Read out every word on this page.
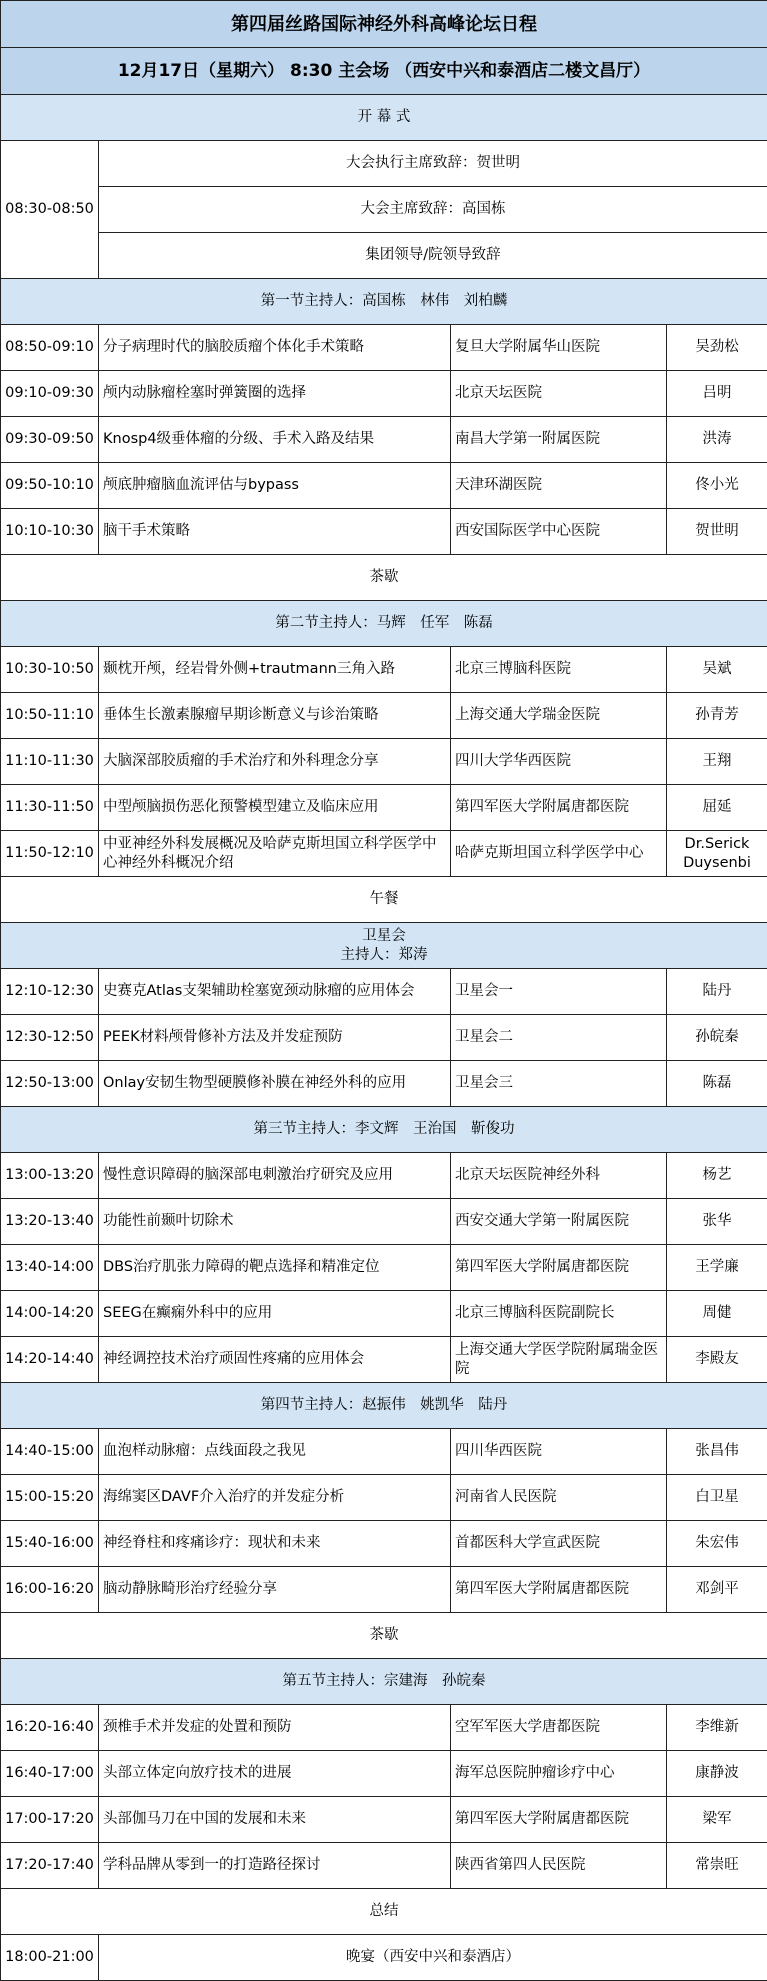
第四届丝路国际神经外科高峰论坛日程			
12月17日（星期六） 8:30 主会场 （西安中兴和泰酒店二楼文昌厅）			
开 幕 式			
08:30-08:50	大会执行主席致辞：贺世明		
	大会主席致辞：高国栋		
	集团领导/院领导致辞		
第一节主持人：高国栋　林伟　刘柏麟			
08:50-09:10	分子病理时代的脑胶质瘤个体化手术策略	复旦大学附属华山医院	吴劲松
09:10-09:30	颅内动脉瘤栓塞时弹簧圈的选择	北京天坛医院	吕明
09:30-09:50	Knosp4级垂体瘤的分级、手术入路及结果	南昌大学第一附属医院	洪涛
09:50-10:10	颅底肿瘤脑血流评估与bypass	天津环湖医院	佟小光
10:10-10:30	脑干手术策略	西安国际医学中心医院	贺世明
茶歇			
第二节主持人：马辉　任军　陈磊			
10:30-10:50	颞枕开颅，经岩骨外侧+trautmann三角入路	北京三博脑科医院	吴斌
10:50-11:10	垂体生长激素腺瘤早期诊断意义与诊治策略	上海交通大学瑞金医院	孙青芳
11:10-11:30	大脑深部胶质瘤的手术治疗和外科理念分享	四川大学华西医院	王翔
11:30-11:50	中型颅脑损伤恶化预警模型建立及临床应用	第四军医大学附属唐都医院	屈延
11:50-12:10	中亚神经外科发展概况及哈萨克斯坦国立科学医学中心神经外科概况介绍	哈萨克斯坦国立科学医学中心	Dr.Serick Duysenbi
午餐			

卫星会
主持人：郑涛			

12:10-12:30	史赛克Atlas支架辅助栓塞宽颈动脉瘤的应用体会	卫星会一	陆丹
12:30-12:50	PEEK材料颅骨修补方法及并发症预防	卫星会二	孙皖秦
12:50-13:00	Onlay安韧生物型硬膜修补膜在神经外科的应用	卫星会三	陈磊
第三节主持人：李文辉　王治国　靳俊功			
13:00-13:20	慢性意识障碍的脑深部电刺激治疗研究及应用	北京天坛医院神经外科	杨艺
13:20-13:40	功能性前颞叶切除术	西安交通大学第一附属医院	张华
13:40-14:00	DBS治疗肌张力障碍的靶点选择和精准定位	第四军医大学附属唐都医院	王学廉
14:00-14:20	SEEG在癫痫外科中的应用	北京三博脑科医院副院长	周健
14:20-14:40	神经调控技术治疗顽固性疼痛的应用体会	上海交通大学医学院附属瑞金医院	李殿友
第四节主持人：赵振伟　姚凯华　陆丹			
14:40-15:00	血泡样动脉瘤：点线面段之我见	四川华西医院	张昌伟
15:00-15:20	海绵窦区DAVF介入治疗的并发症分析	河南省人民医院	白卫星
15:40-16:00	神经脊柱和疼痛诊疗：现状和未来	首都医科大学宣武医院	朱宏伟
16:00-16:20	脑动静脉畸形治疗经验分享	第四军医大学附属唐都医院	邓剑平
茶歇			
第五节主持人：宗建海　孙皖秦			
16:20-16:40	颈椎手术并发症的处置和预防	空军军医大学唐都医院	李维新
16:40-17:00	头部立体定向放疗技术的进展	海军总医院肿瘤诊疗中心	康静波
17:00-17:20	头部伽马刀在中国的发展和未来	第四军医大学附属唐都医院	梁军
17:20-17:40	学科品牌从零到一的打造路径探讨	陕西省第四人民医院	常崇旺
总结			
18:00-21:00	晚宴（西安中兴和泰酒店）		
